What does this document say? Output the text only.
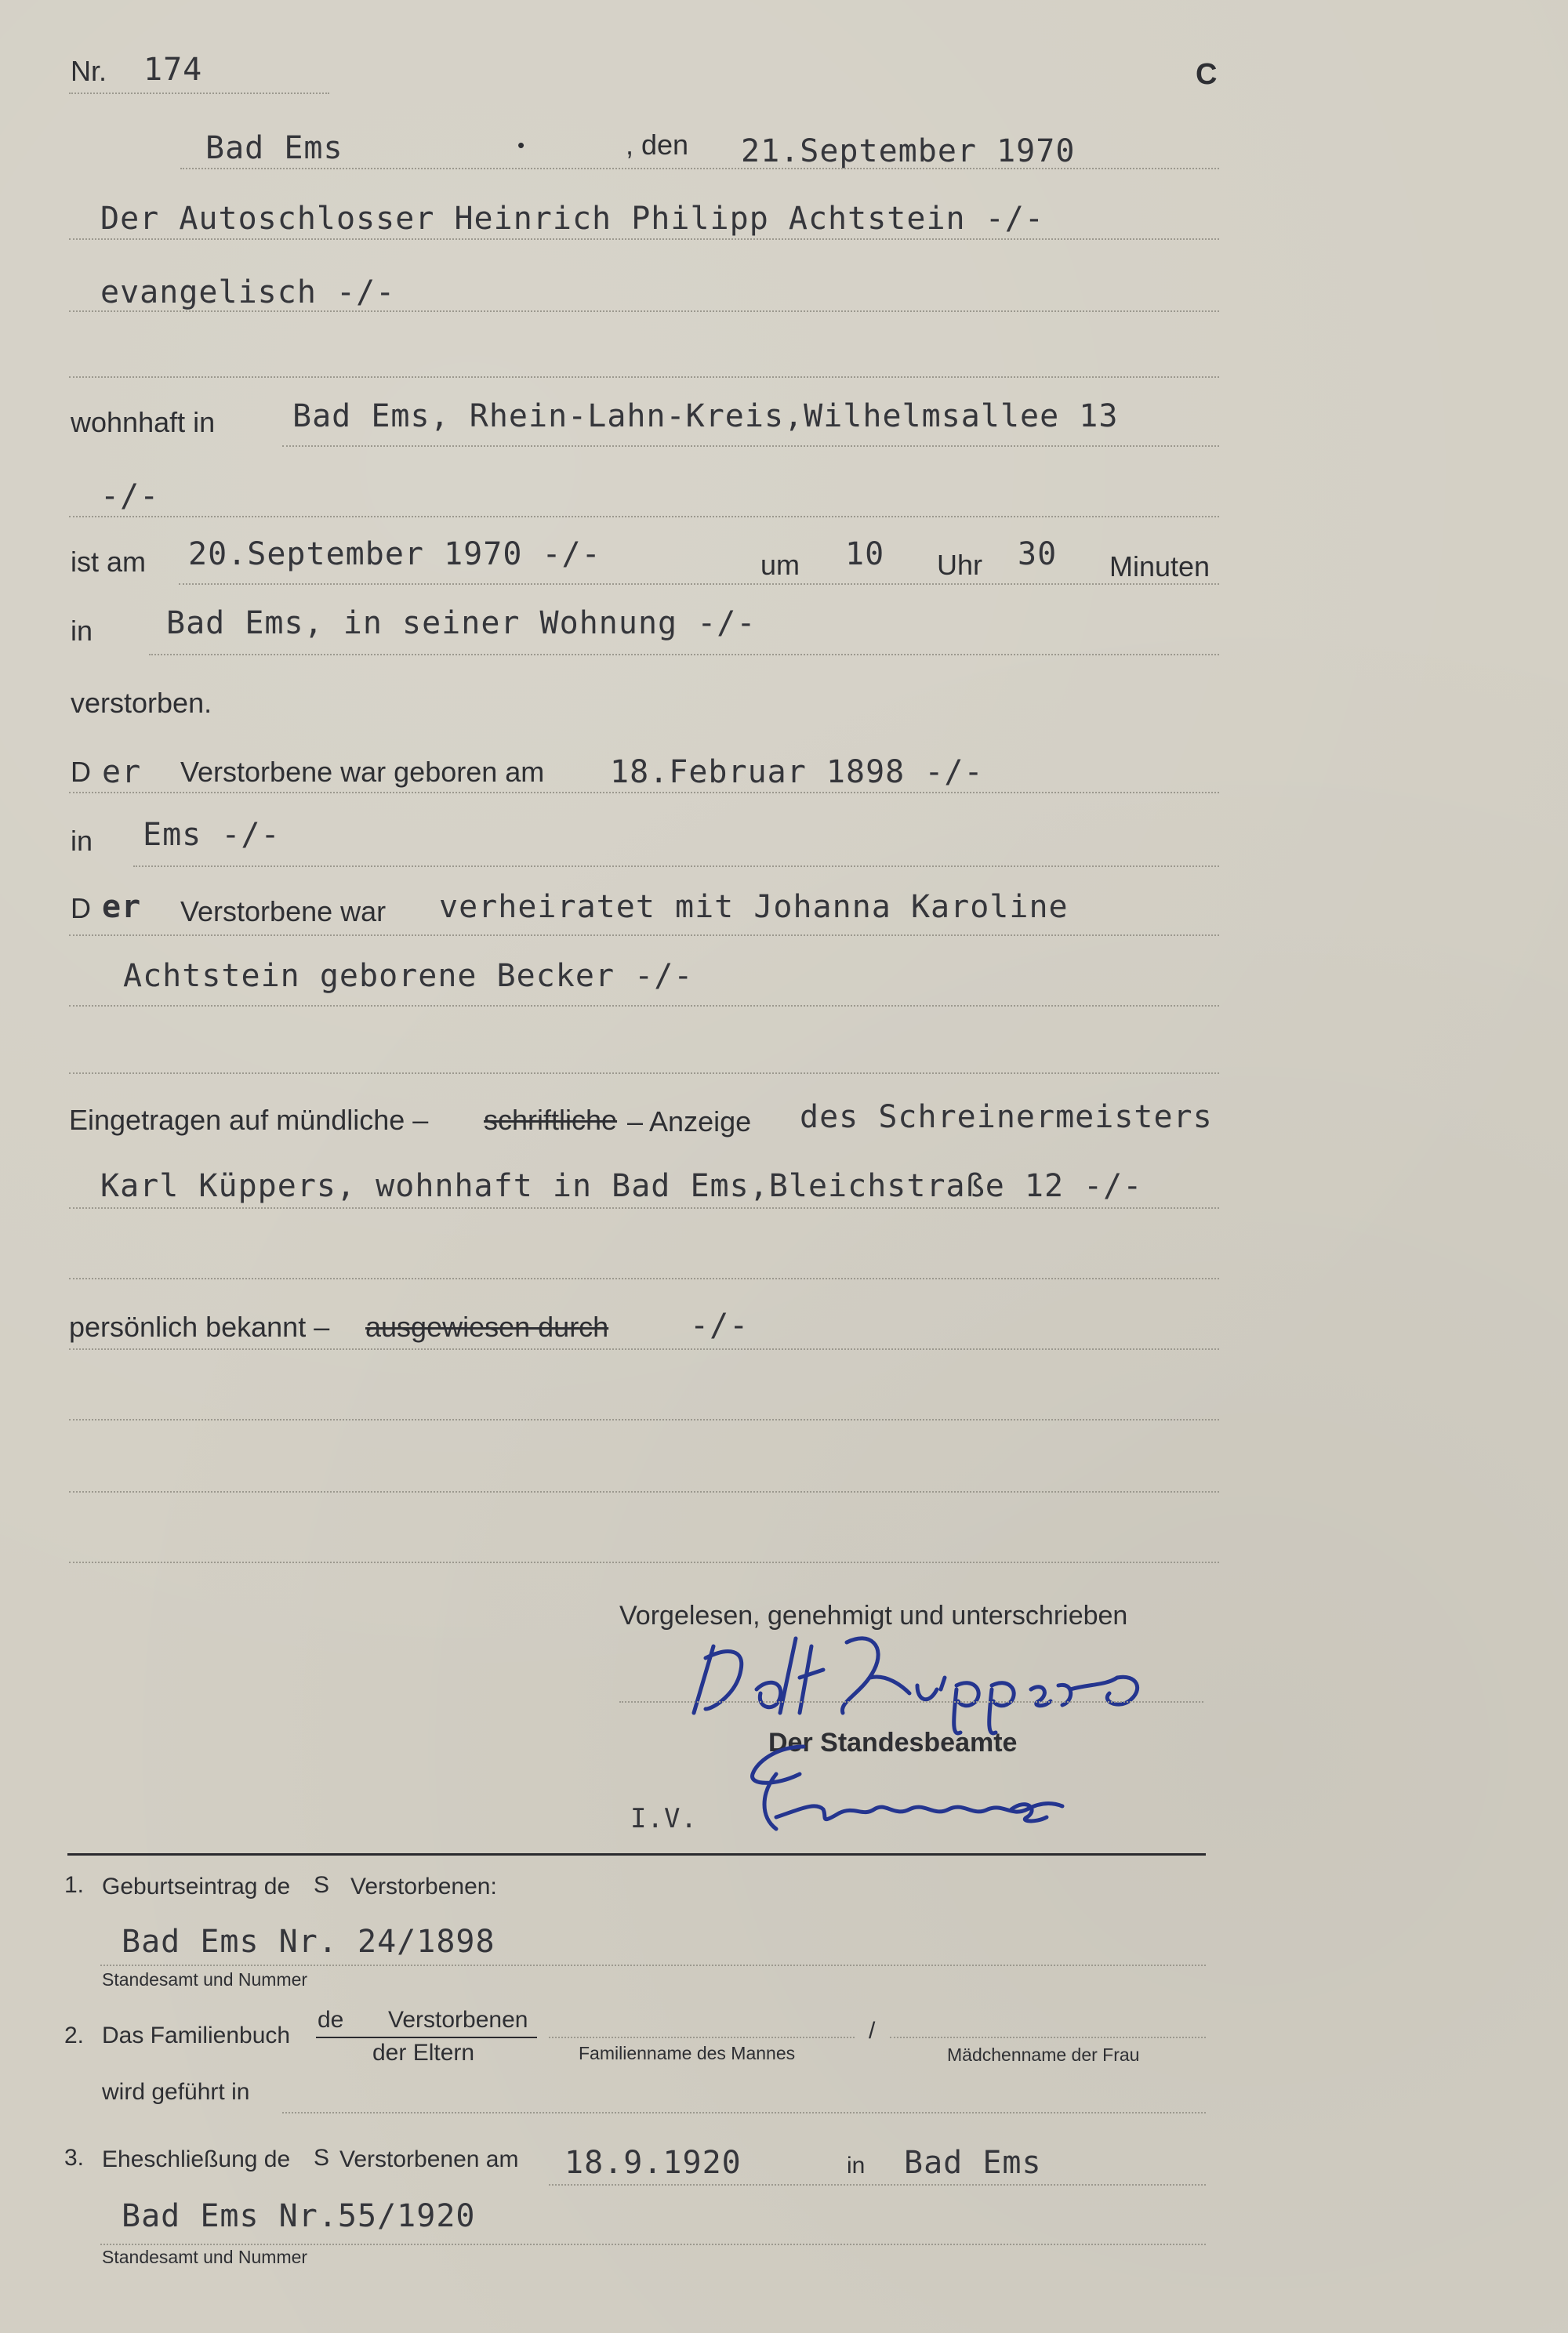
Nr. 174	C
Bad Ems	•	, den 21.September 1970
Der Autoschlosser Heinrich Philipp Achtstein -/-
evangelisch -/-
wohnhaft in Bad Ems, Rhein-Lahn-Kreis,Wilhelmsallee 13
-/-
ist am 20.September 1970 -/-	um 10 Uhr 30 Minuten
in Bad Ems, in seiner Wohnung -/-
verstorben.
D er Verstorbene war geboren am 18.Februar 1898 -/-
in Ems -/-
D er Verstorbene war verheiratet mit Johanna Karoline
Achtstein geborene Becker -/-
Eingetragen auf mündliche – schriftliche – Anzeige des Schreinermeisters
Karl Küppers, wohnhaft in Bad Ems,Bleichstraße 12 -/-
persönlich bekannt – ausgewiesen durch	-/-
Vorgelesen, genehmigt und unterschrieben
Der Standesbeamte
I.V.
1. Geburtseintrag de S Verstorbenen:
Bad Ems Nr. 24/1898
Standesamt und Nummer
2. Das Familienbuch
de Verstorbenen
der Eltern	Familienname des Mannes
/
Mädchenname der Frau
wird geführt in
3. Eheschließung de S Verstorbenen am 18.9.1920	in Bad Ems
Bad Ems Nr.55/1920
Standesamt und Nummer
